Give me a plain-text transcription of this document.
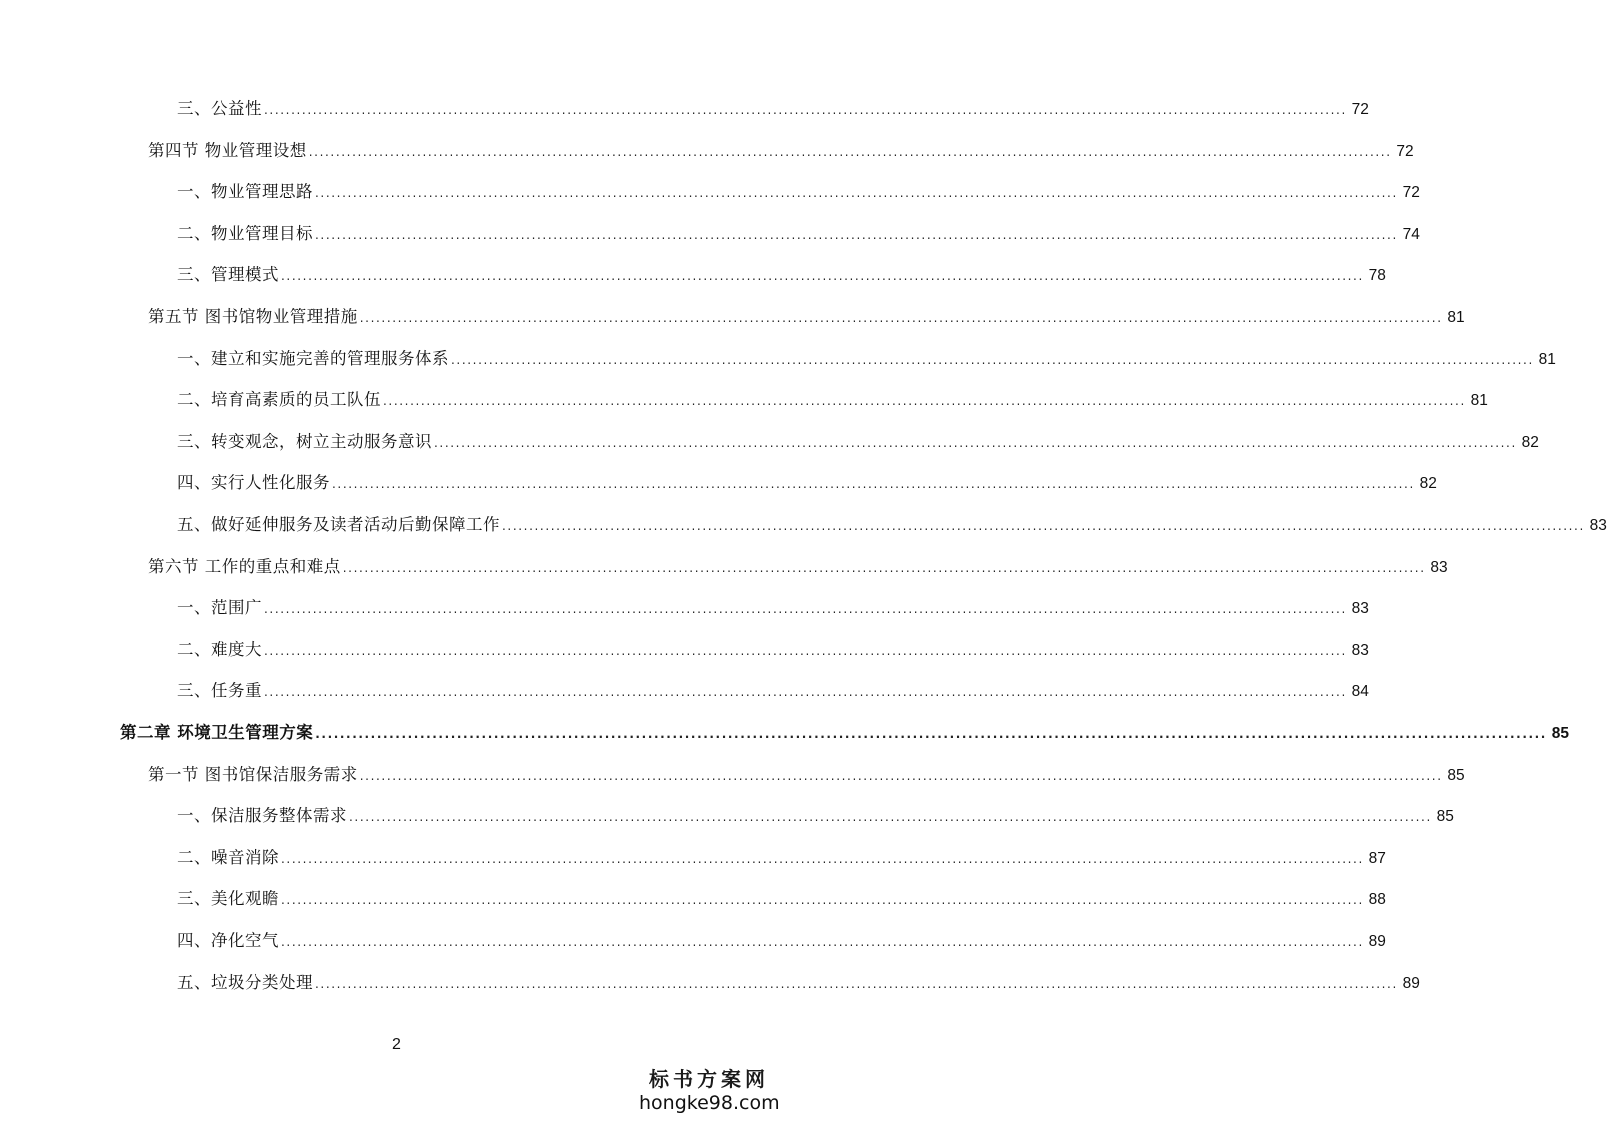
三、公益性 ........................................................................................................................................................................................................ 72
第四节 物业管理设想 ........................................................................................................................................................................................................ 72
一、物业管理思路 ........................................................................................................................................................................................................ 72
二、物业管理目标 ........................................................................................................................................................................................................ 74
三、管理模式 ........................................................................................................................................................................................................ 78
第五节 图书馆物业管理措施 ........................................................................................................................................................................................................ 81
一、建立和实施完善的管理服务体系 ........................................................................................................................................................................................................ 81
二、培育高素质的员工队伍 ........................................................................................................................................................................................................ 81
三、转变观念，树立主动服务意识 ........................................................................................................................................................................................................ 82
四、实行人性化服务 ........................................................................................................................................................................................................ 82
五、做好延伸服务及读者活动后勤保障工作 ........................................................................................................................................................................................................ 83
第六节 工作的重点和难点 ........................................................................................................................................................................................................ 83
一、范围广 ........................................................................................................................................................................................................ 83
二、难度大 ........................................................................................................................................................................................................ 83
三、任务重 ........................................................................................................................................................................................................ 84
第二章 环境卫生管理方案 ........................................................................................................................................................................................................ 85
第一节 图书馆保洁服务需求 ........................................................................................................................................................................................................ 85
一、保洁服务整体需求 ........................................................................................................................................................................................................ 85
二、噪音消除 ........................................................................................................................................................................................................ 87
三、美化观瞻 ........................................................................................................................................................................................................ 88
四、净化空气 ........................................................................................................................................................................................................ 89
五、垃圾分类处理 ........................................................................................................................................................................................................ 89
2
标书方案网
hongke98.com
